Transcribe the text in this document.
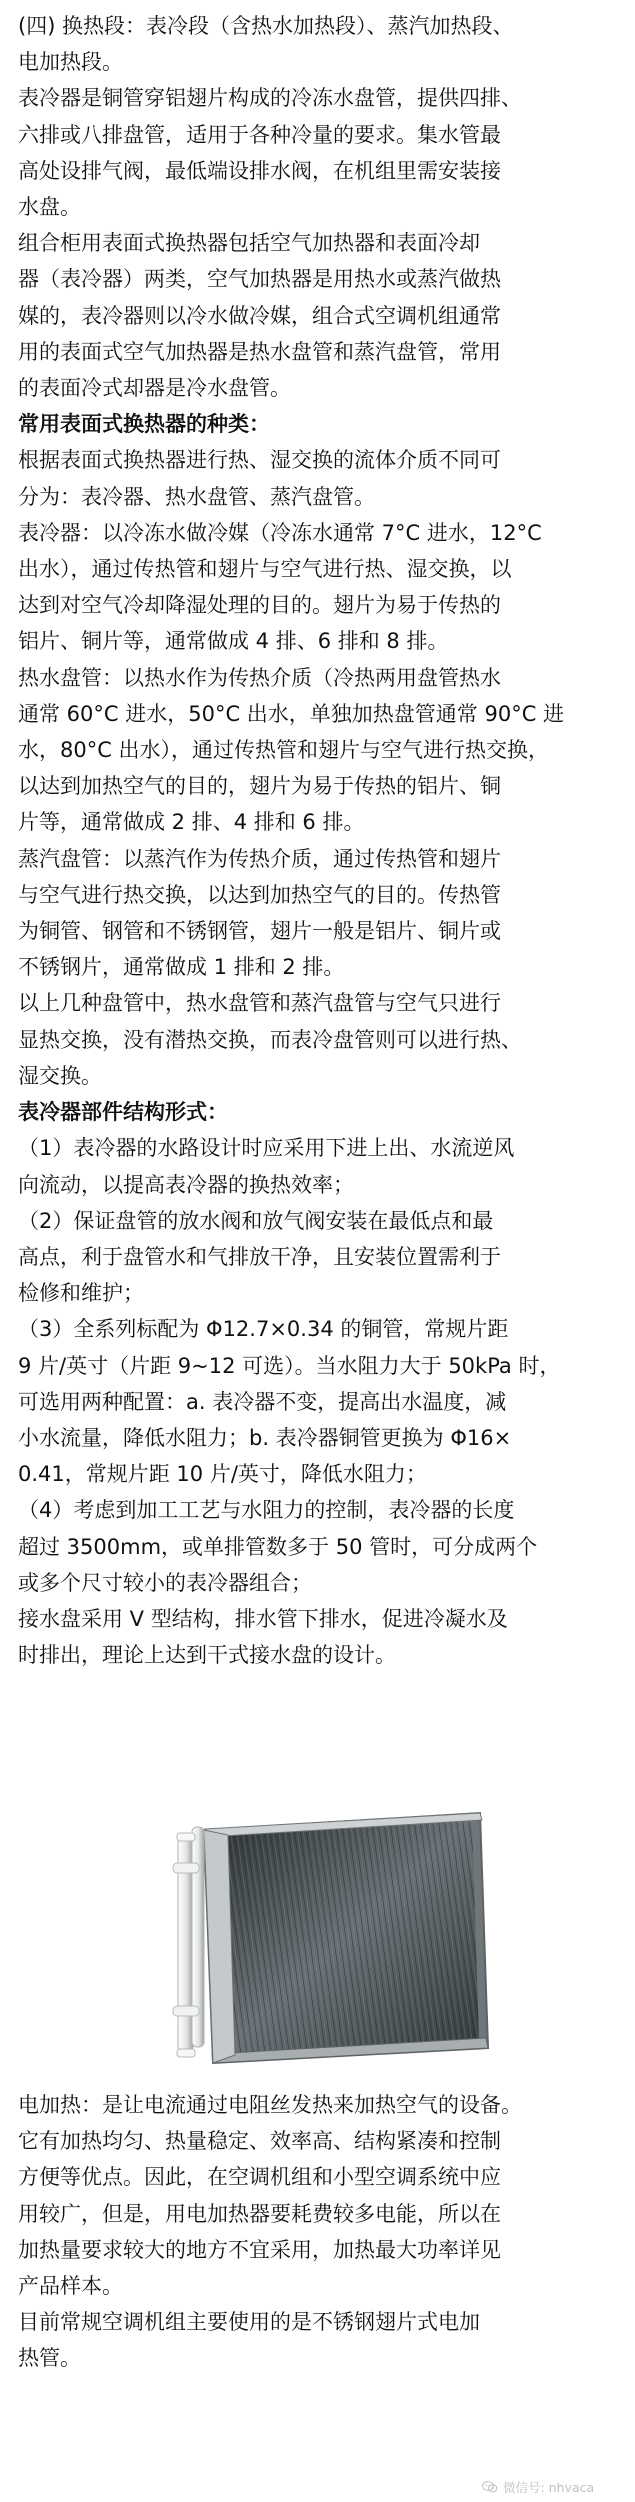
(四) 换热段：表冷段（含热水加热段）、蒸汽加热段、
电加热段。
表冷器是铜管穿铝翅片构成的冷冻水盘管，提供四排、
六排或八排盘管，适用于各种冷量的要求。集水管最
高处设排气阀，最低端设排水阀，在机组里需安装接
水盘。
组合柜用表面式换热器包括空气加热器和表面冷却
器（表冷器）两类，空气加热器是用热水或蒸汽做热
媒的，表冷器则以冷水做冷媒，组合式空调机组通常
用的表面式空气加热器是热水盘管和蒸汽盘管，常用
的表面冷式却器是冷水盘管。
常用表面式换热器的种类：
根据表面式换热器进行热、湿交换的流体介质不同可
分为：表冷器、热水盘管、蒸汽盘管。
表冷器：以冷冻水做冷媒（冷冻水通常 7°C 进水，12°C
出水），通过传热管和翅片与空气进行热、湿交换，以
达到对空气冷却降湿处理的目的。翅片为易于传热的
铝片、铜片等，通常做成 4 排、6 排和 8 排。
热水盘管：以热水作为传热介质（冷热两用盘管热水
通常 60°C 进水，50°C 出水，单独加热盘管通常 90°C 进
水，80°C 出水），通过传热管和翅片与空气进行热交换，
以达到加热空气的目的，翅片为易于传热的铝片、铜
片等，通常做成 2 排、4 排和 6 排。
蒸汽盘管：以蒸汽作为传热介质，通过传热管和翅片
与空气进行热交换，以达到加热空气的目的。传热管
为铜管、钢管和不锈钢管，翅片一般是铝片、铜片或
不锈钢片，通常做成 1 排和 2 排。
以上几种盘管中，热水盘管和蒸汽盘管与空气只进行
显热交换，没有潜热交换，而表冷盘管则可以进行热、
湿交换。
表冷器部件结构形式：
（1）表冷器的水路设计时应采用下进上出、水流逆风
向流动，以提高表冷器的换热效率；
（2）保证盘管的放水阀和放气阀安装在最低点和最
高点，利于盘管水和气排放干净，且安装位置需利于
检修和维护；
（3）全系列标配为 Φ12.7×0.34 的铜管，常规片距
9 片/英寸（片距 9~12 可选）。当水阻力大于 50kPa 时，
可选用两种配置：a. 表冷器不变，提高出水温度，减
小水流量，降低水阻力；b. 表冷器铜管更换为 Φ16×
0.41，常规片距 10 片/英寸，降低水阻力；
（4）考虑到加工工艺与水阻力的控制，表冷器的长度
超过 3500mm，或单排管数多于 50 管时，可分成两个
或多个尺寸较小的表冷器组合；
接水盘采用 V 型结构，排水管下排水，促进冷凝水及
时排出，理论上达到干式接水盘的设计。
电加热：是让电流通过电阻丝发热来加热空气的设备。
它有加热均匀、热量稳定、效率高、结构紧凑和控制
方便等优点。因此，在空调机组和小型空调系统中应
用较广，但是，用电加热器要耗费较多电能，所以在
加热量要求较大的地方不宜采用，加热最大功率详见
产品样本。
目前常规空调机组主要使用的是不锈钢翅片式电加
热管。
微信号: nhvaca
